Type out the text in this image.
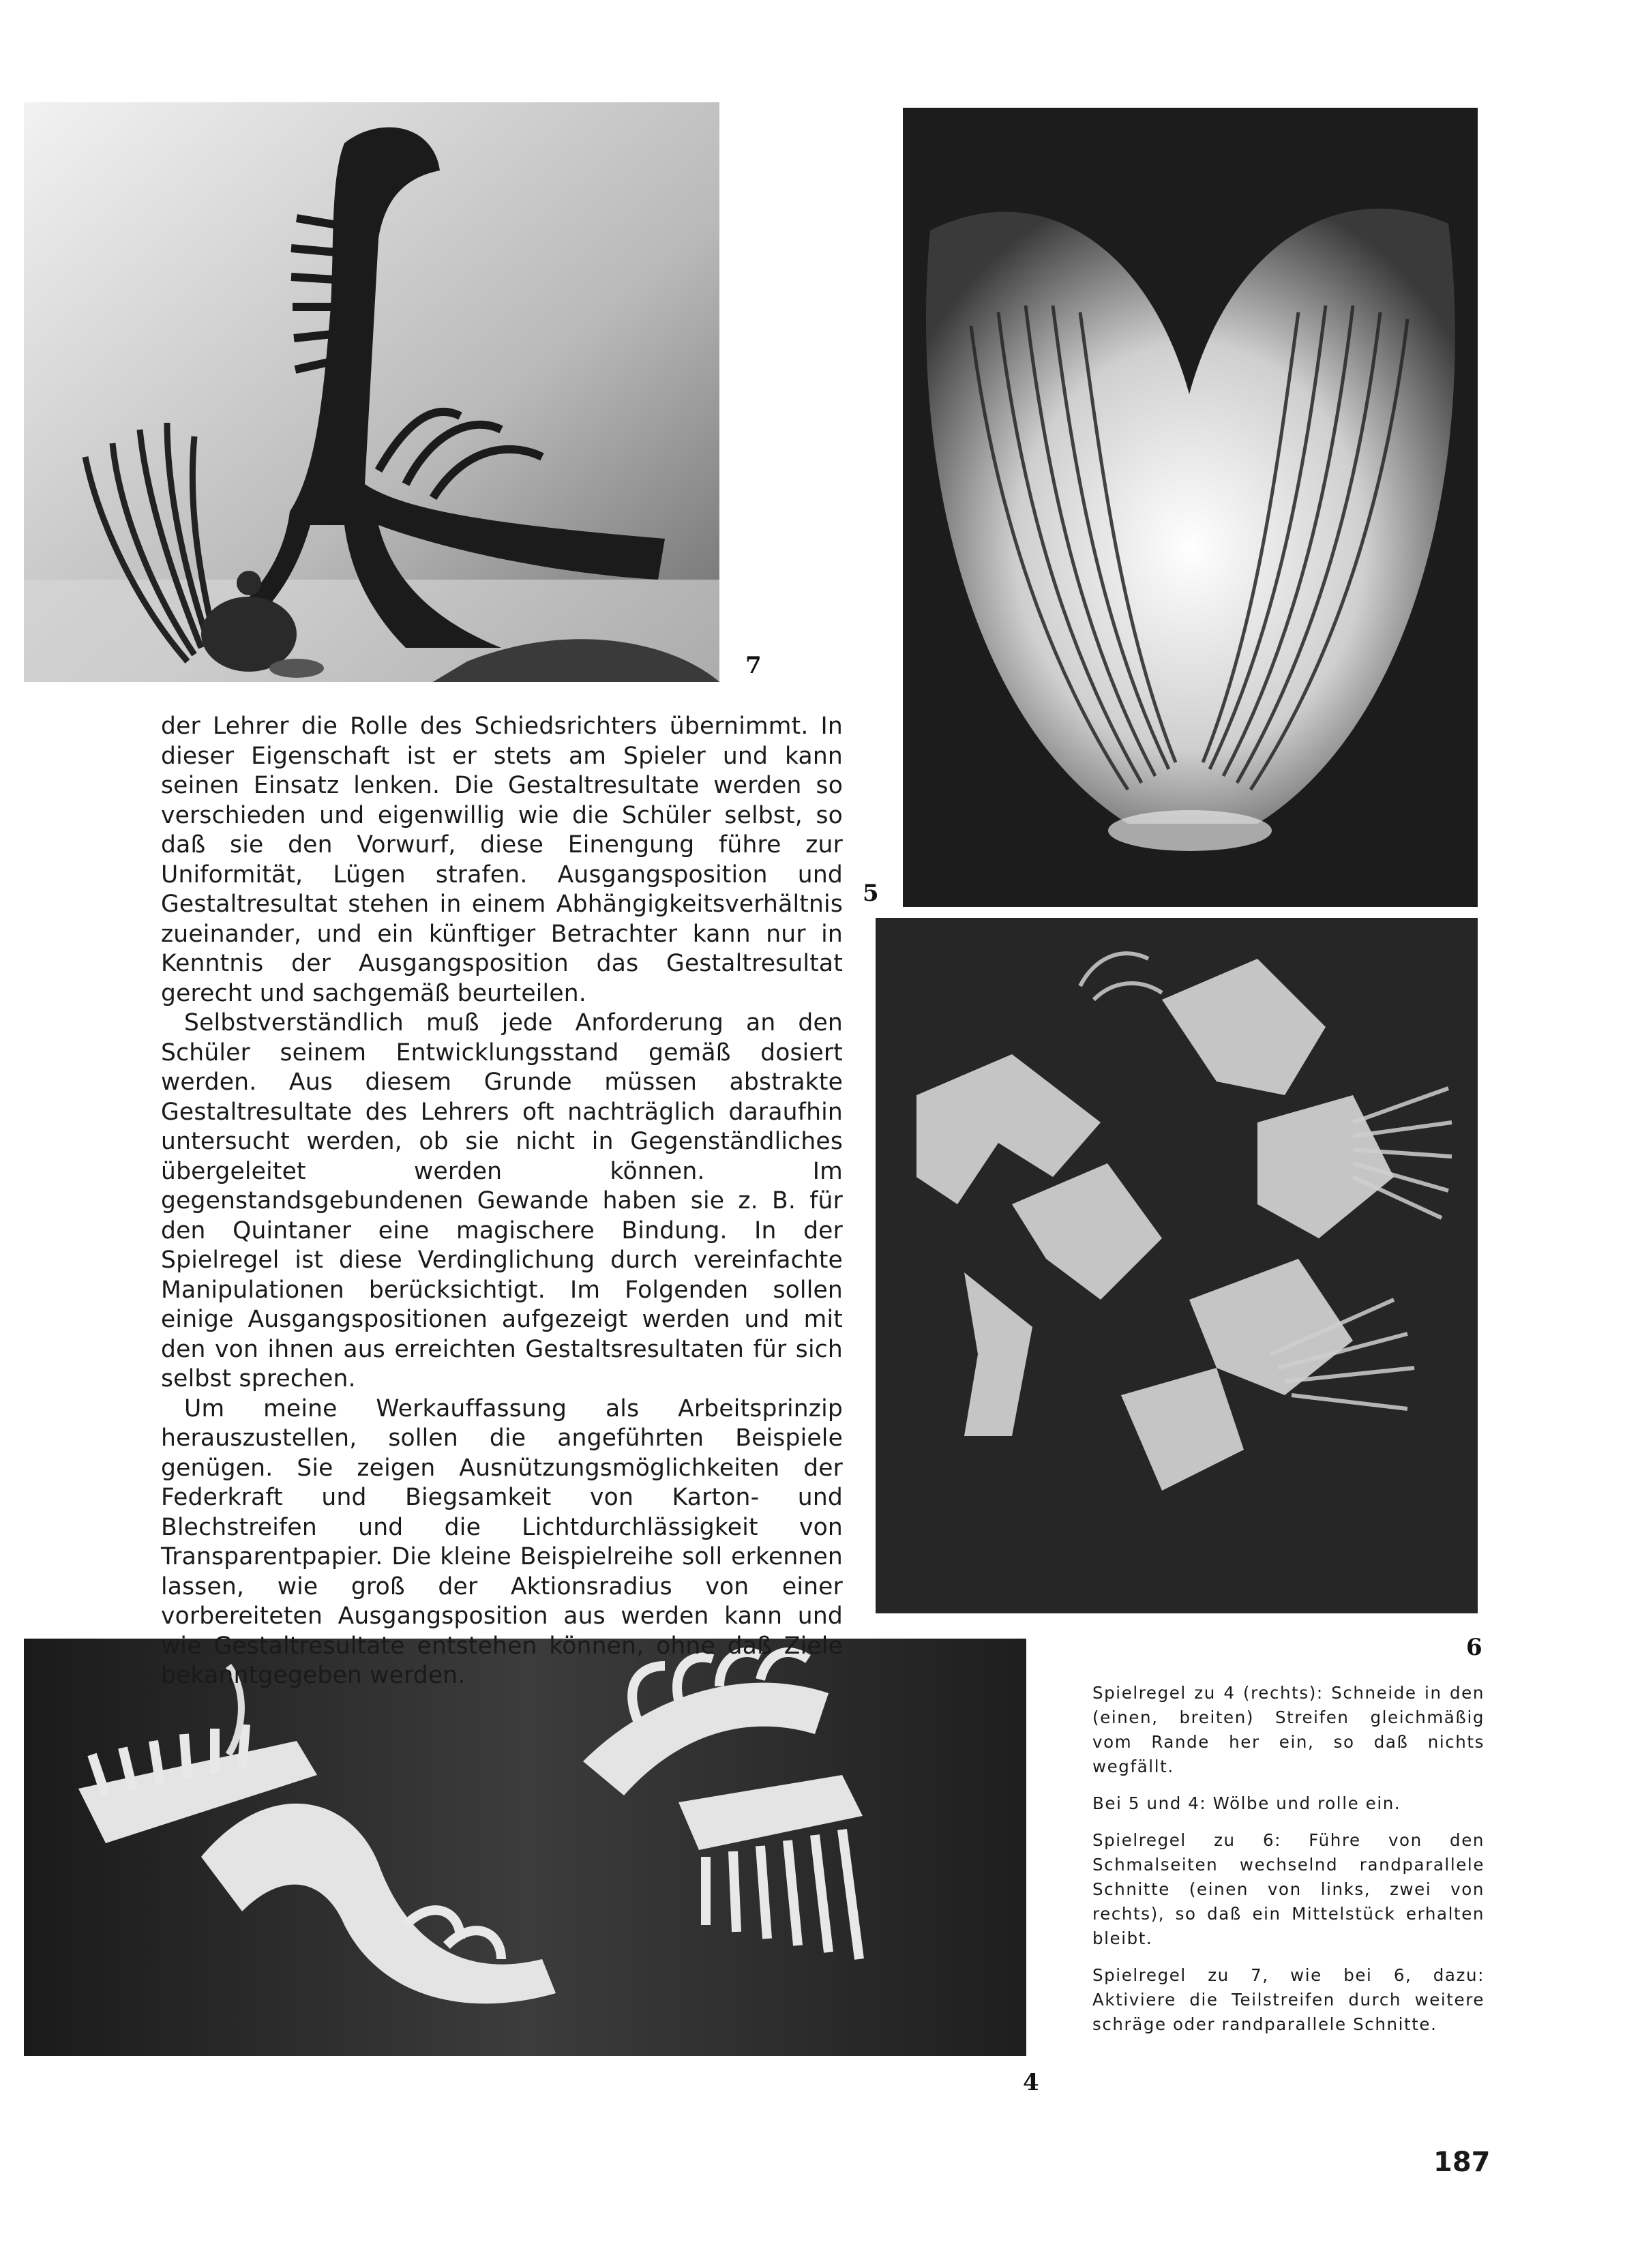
7
5
6
4

der Lehrer die Rolle des Schiedsrichters übernimmt. In dieser Eigenschaft ist er stets am Spieler und kann seinen Einsatz lenken. Die Gestaltresultate werden so verschieden und eigenwillig wie die Schüler selbst, so daß sie den Vorwurf, diese Einengung führe zur Uniformität, Lügen strafen. Ausgangsposition und Gestaltresultat stehen in einem Abhängigkeitsverhältnis zueinander, und ein künftiger Betrachter kann nur in Kenntnis der Ausgangsposition das Gestaltresultat gerecht und sachgemäß beurteilen.

Selbstverständlich muß jede Anforderung an den Schüler seinem Entwicklungsstand gemäß dosiert werden. Aus diesem Grunde müssen abstrakte Gestaltresultate des Lehrers oft nachträglich daraufhin untersucht werden, ob sie nicht in Gegenständliches übergeleitet werden können. Im gegenstandsgebundenen Gewande haben sie z. B. für den Quintaner eine magischere Bindung. In der Spielregel ist diese Verdinglichung durch vereinfachte Manipulationen berücksichtigt. Im Folgenden sollen einige Ausgangspositionen aufgezeigt werden und mit den von ihnen aus erreichten Gestaltsresultaten für sich selbst sprechen.

Um meine Werkauffassung als Arbeitsprinzip herauszustellen, sollen die angeführten Beispiele genügen. Sie zeigen Ausnützungsmöglichkeiten der Federkraft und Biegsamkeit von Karton- und Blechstreifen und die Lichtdurchlässigkeit von Transparentpapier. Die kleine Beispielreihe soll erkennen lassen, wie groß der Aktionsradius von einer vorbereiteten Ausgangsposition aus werden kann und wie Gestaltresultate entstehen können, ohne daß Ziele bekanntgegeben werden.

Spielregel zu 4 (rechts): Schneide in den (einen, breiten) Streifen gleichmäßig vom Rande her ein, so daß nichts wegfällt.

Bei 5 und 4: Wölbe und rolle ein.

Spielregel zu 6: Führe von den Schmalseiten wechselnd randparallele Schnitte (einen von links, zwei von rechts), so daß ein Mittelstück erhalten bleibt.

Spielregel zu 7, wie bei 6, dazu: Aktiviere die Teilstreifen durch weitere schräge oder randparallele Schnitte.

187
